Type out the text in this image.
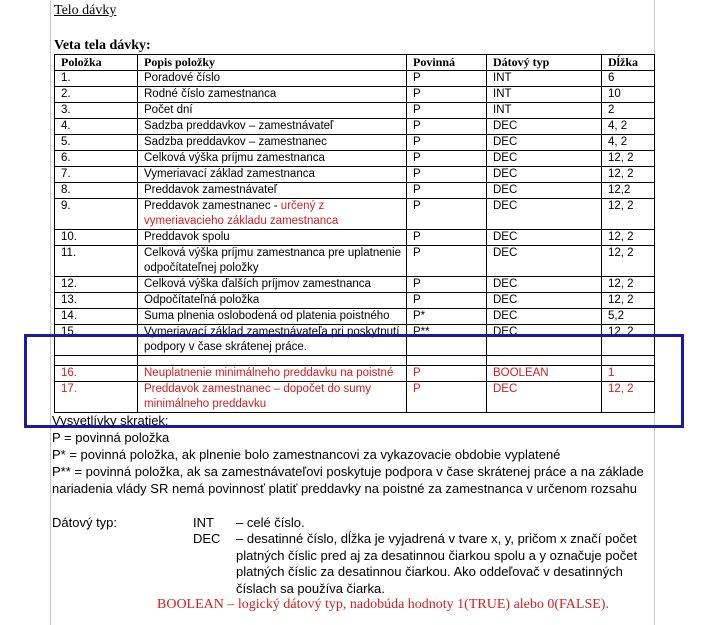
Telo dávky
Veta tela dávky:
Položka	Popis položky	Povinná	Dátový typ	Dĺžka
1.	Poradové číslo	P	INT	6
2.	Rodné číslo zamestnanca	P	INT	10
3.	Počet dní	P	INT	2
4.	Sadzba preddavkov – zamestnávateľ	P	DEC	4, 2
5.	Sadzba preddavkov – zamestnanec	P	DEC	4, 2
6.	Celková výška príjmu zamestnanca	P	DEC	12, 2
7.	Vymeriavací základ zamestnanca	P	DEC	12, 2
8.	Preddavok zamestnávateľ	P	DEC	12,2
9.	Preddavok zamestnanec - určený z vymeriavacieho základu zamestnanca	P	DEC	12, 2
10.	Preddavok spolu	P	DEC	12, 2
11.	Celková výška príjmu zamestnanca pre uplatnenie odpočítateľnej položky	P	DEC	12, 2
12.	Celková výška ďalších príjmov zamestnanca	P	DEC	12, 2
13.	Odpočítateľná položka	P	DEC	12, 2
14.	Suma plnenia oslobodená od platenia poistného	P*	DEC	5,2
15.	Vymeriavací základ zamestnávateľa pri poskytnutí podpory v čase skrátenej práce.	P**	DEC	12, 2

16.	Neuplatnenie minimálneho preddavku na poistné	P	BOOLEAN	1
17.	Preddavok zamestnanec – dopočet do sumy minimálneho preddavku	P	DEC	12, 2

Vysvetlívky skratiek:

P = povinná položka

P* = povinná položka, ak plnenie bolo zamestnancovi za vykazovacie obdobie vyplatené

P** = povinná položka, ak sa zamestnávateľovi poskytuje podpora v čase skrátenej práce a na základe nariadenia vlády SR nemá povinnosť platiť preddavky na poistné za zamestnanca v určenom rozsahu

Dátový typ:	INT – celé číslo.
DEC – desatinné číslo, dĺžka je vyjadrená v tvare x, y, pričom x značí počet platných číslic pred aj za desatinnou čiarkou spolu a y označuje počet platných číslic za desatinnou čiarkou. Ako oddeľovač v desatinných číslach sa používa čiarka.
BOOLEAN – logický dátový typ, nadobúda hodnoty 1(TRUE) alebo 0(FALSE).
